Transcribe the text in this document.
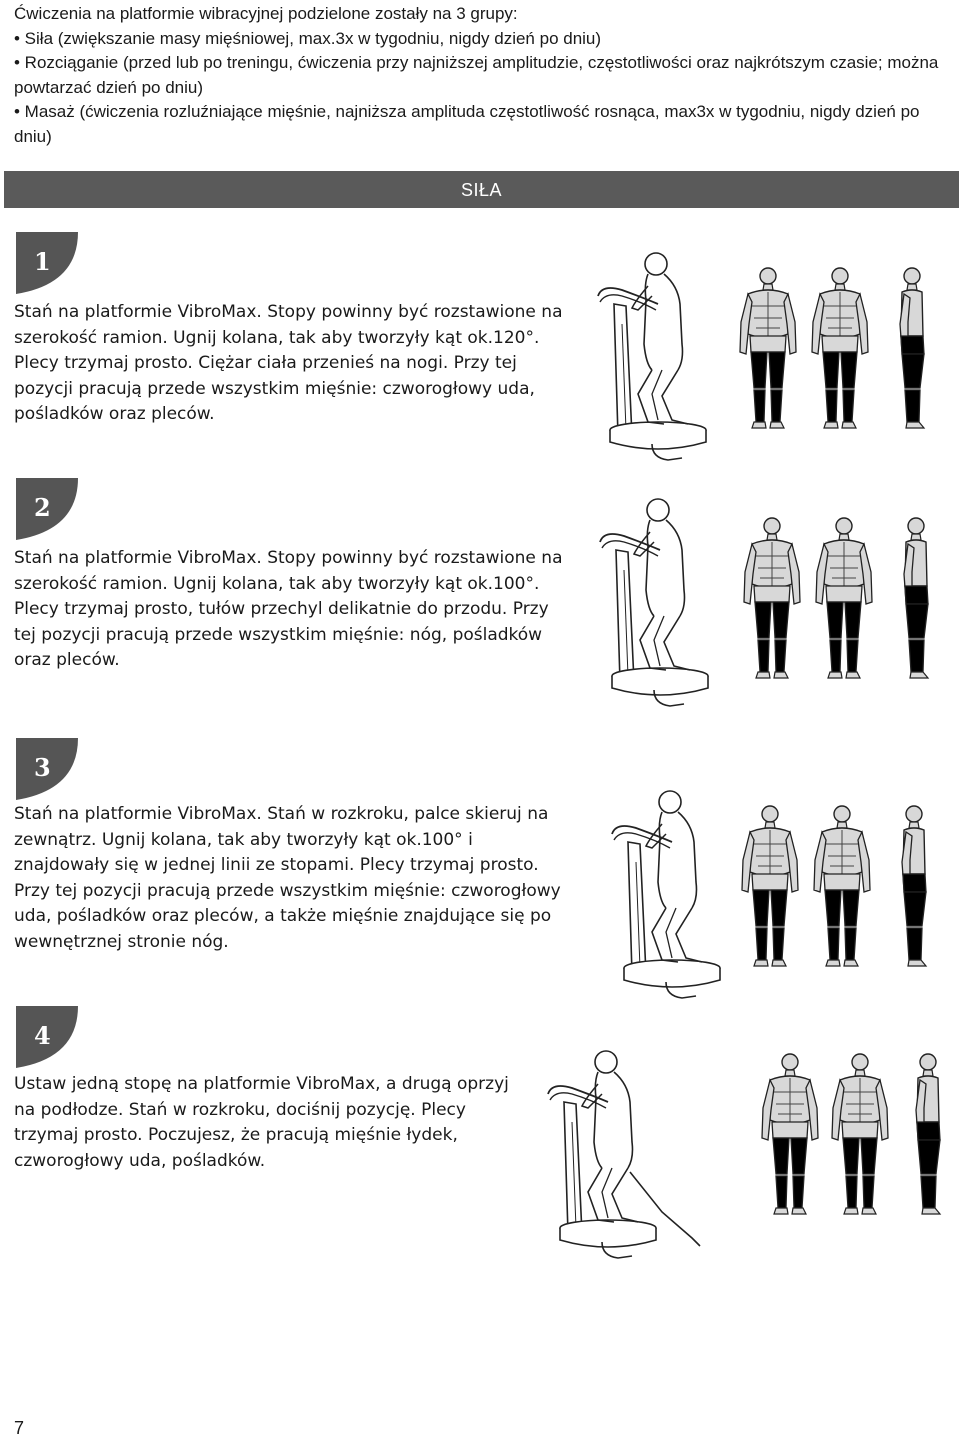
Ćwiczenia na platformie wibracyjnej podzielone zostały na 3 grupy:

• Siła (zwiększanie masy mięśniowej, max.3x w tygodniu, nigdy dzień po dniu)

• Rozciąganie (przed lub po treningu, ćwiczenia przy najniższej amplitudzie, częstotliwości oraz najkrótszym czasie; można powtarzać dzień po dniu)

• Masaż (ćwiczenia rozluźniające mięśnie, najniższa amplituda częstotliwość rosnąca, max3x w tygodniu, nigdy dzień po dniu)

SIŁA
1
Stań na platformie VibroMax. Stopy powinny być rozstawione na szerokość ramion. Ugnij kolana, tak aby tworzyły kąt ok.120°. Plecy trzymaj prosto. Ciężar ciała przenieś na nogi. Przy tej pozycji pracują przede wszystkim mięśnie: czworogłowy uda, pośladków oraz pleców.
2
Stań na platformie VibroMax. Stopy powinny być rozstawione na szerokość ramion. Ugnij kolana, tak aby tworzyły kąt ok.100°. Plecy trzymaj prosto, tułów przechyl delikatnie do przodu. Przy tej pozycji pracują przede wszystkim mięśnie: nóg, pośladków oraz pleców.
3
Stań na platformie VibroMax. Stań w rozkroku, palce skieruj na zewnątrz. Ugnij kolana, tak aby tworzyły kąt ok.100° i znajdowały się w jednej linii ze stopami. Plecy trzymaj prosto. Przy tej pozycji pracują przede wszystkim mięśnie: czworogłowy uda, pośladków oraz pleców, a także mięśnie znajdujące się po wewnętrznej stronie nóg.
4
Ustaw jedną stopę na platformie VibroMax, a drugą oprzyj na podłodze. Stań w rozkroku, dociśnij pozycję. Plecy trzymaj prosto. Poczujesz, że pracują mięśnie łydek, czworogłowy uda, pośladków.
7
